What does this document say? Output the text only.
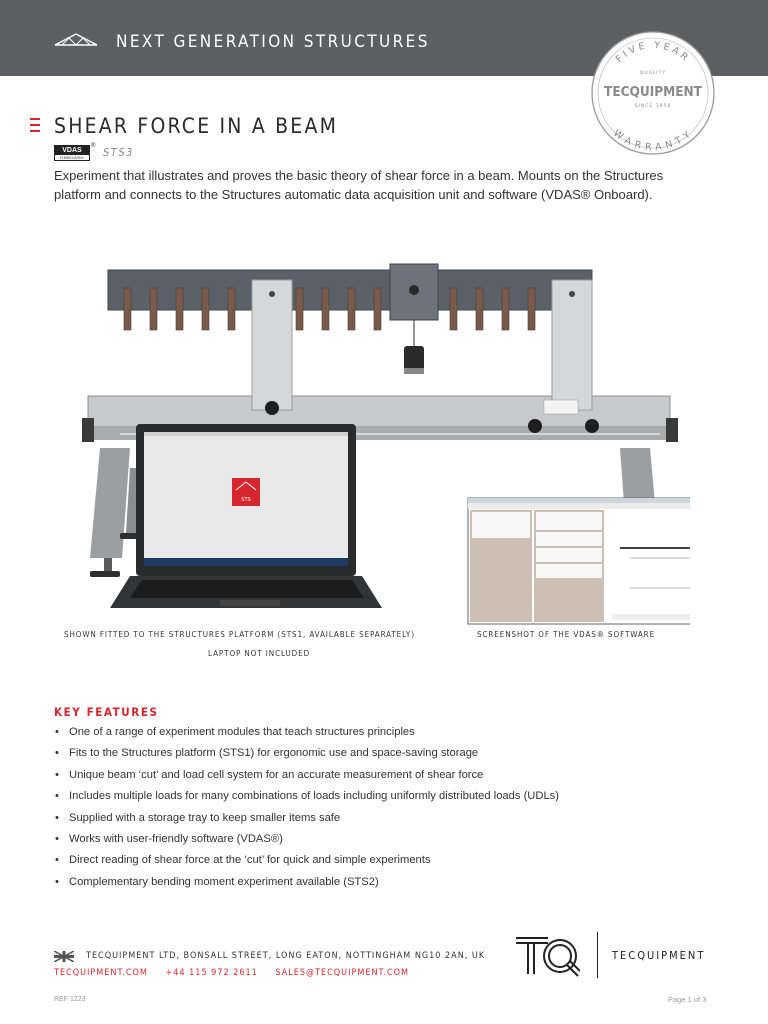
NEXT GENERATION STRUCTURES
FIVE YEAR
WARRANTY
QUALITY
TECQUIPMENT
SINCE 1958
SHEAR FORCE IN A BEAM
VDAS
ONBOARD
® STS3

Experiment that illustrates and proves the basic theory of shear force in a beam. Mounts on the Structures platform and connects to the Structures automatic data acquisition unit and software (VDAS® Onboard).

STS
SHOWN FITTED TO THE STRUCTURES PLATFORM (STS1, AVAILABLE SEPARATELY)
LAPTOP NOT INCLUDED
SCREENSHOT OF THE VDAS® SOFTWARE
KEY FEATURES
• One of a range of experiment modules that teach structures principles
• Fits to the Structures platform (STS1) for ergonomic use and space-saving storage
• Unique beam ‘cut’ and load cell system for an accurate measurement of shear force
• Includes multiple loads for many combinations of loads including uniformly distributed loads (UDLs)
• Supplied with a storage tray to keep smaller items safe
• Works with user-friendly software (VDAS®)
• Direct reading of shear force at the ‘cut’ for quick and simple experiments
• Complementary bending moment experiment available (STS2)
TECQUIPMENT LTD, BONSALL STREET, LONG EATON, NOTTINGHAM NG10 2AN, UK
TECQUIPMENT.COM +44 115 972 2611 SALES@TECQUIPMENT.COM
TECQUIPMENT
REF 1223	Page 1 of 3
